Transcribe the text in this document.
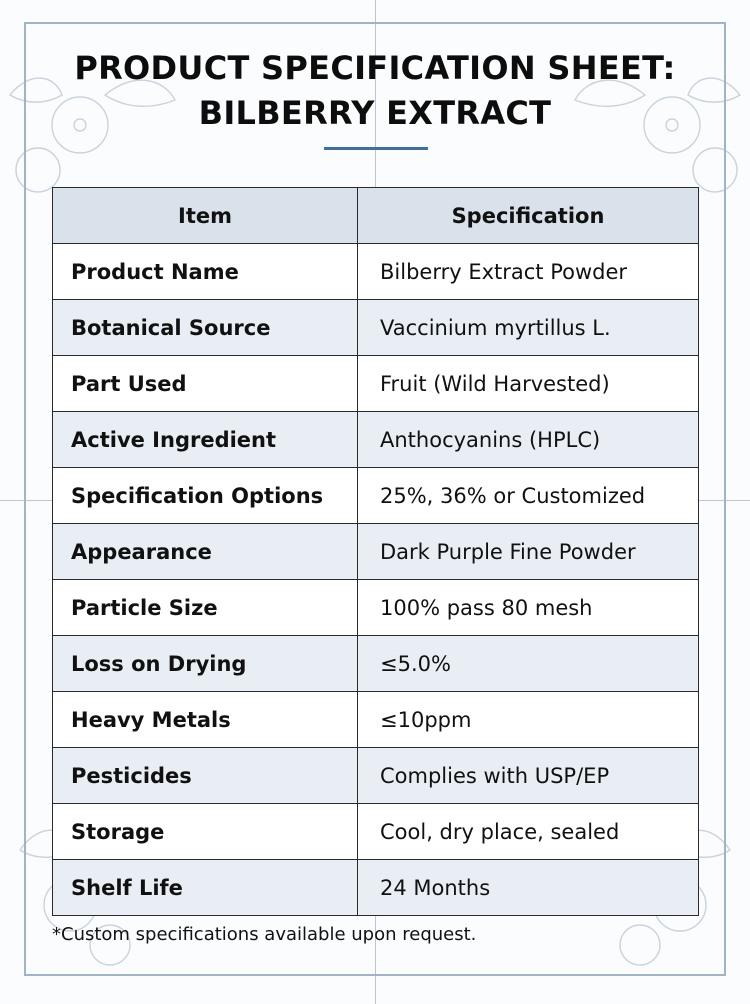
PRODUCT SPECIFICATION SHEET:
BILBERRY EXTRACT
Item	Specification
Product Name	Bilberry Extract Powder
Botanical Source	Vaccinium myrtillus L.
Part Used	Fruit (Wild Harvested)
Active Ingredient	Anthocyanins (HPLC)
Specification Options	25%, 36% or Customized
Appearance	Dark Purple Fine Powder
Particle Size	100% pass 80 mesh
Loss on Drying	≤5.0%
Heavy Metals	≤10ppm
Pesticides	Complies with USP/EP
Storage	Cool, dry place, sealed
Shelf Life	24 Months
*Custom specifications available upon request.
